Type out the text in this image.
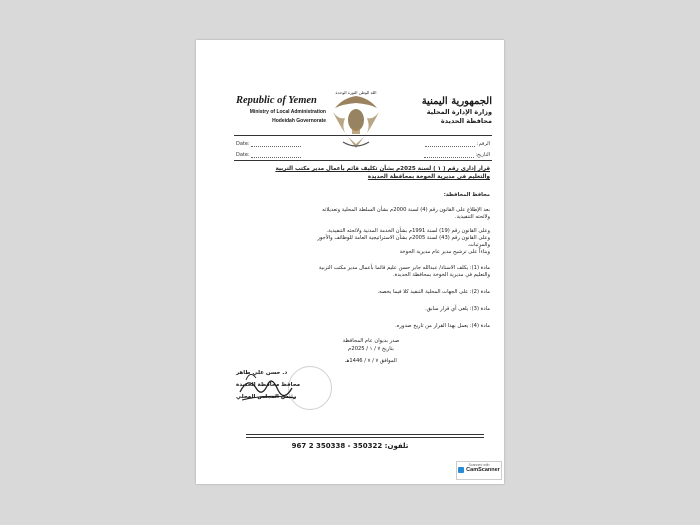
Republic of Yemen
Ministry of Local Administration
Hodeidah Governorate
الله الوطن الثورة الوحدة
الجمهورية اليمنية
وزارة الإدارة المحلية
محافظة الحديدة
Date:
Date:
الرقم:
التاريخ:
قرار إداري رقم ( ١ ) لسنة 2025م بشأن تكليف قائم بأعمال مدير مكتب التربية
والتعليم في مديرية الخوخة بمحافظة الحديدة
محافظ المحافظة:
بعد الإطلاع على القانون رقم (4) لسنة 2000م بشأن السلطة المحلية وتعديلاته
ولائحته التنفيذية.
وعلى القانون رقم (19) لسنة 1991م بشأن الخدمة المدنية ولائحته التنفيذية.
وعلى القانون رقم (43) لسنة 2005م بشأن الاستراتيجية العامة للوظائف والأجور
والمرتبات.
وبناءاً على ترشيح مدير عام مديرية الخوخة
مادة (1): يكلف الاستاذ/ عبدالله جابر حسن عليم قائما بأعمال مدير مكتب التربية
والتعليم في مديرية الخوخة بمحافظة الحديدة.
مادة (2): على الجهات المحلية التنفيذ كلا فيما يخصه.
مادة (3): يلغى أي قرار سابق.
مادة (4): يعمل بهذا القرار من تاريخ صدوره.
صدر بديوان عام المحافظة
بتاريخ ٧ / ١ / 2025م
الموافق ٧ / ٧ / 1446هـ
د. حسن علي طاهر
محافظ محافظة الحديدة
رئيس المجلس المحلي
تلفون: 350322 - 350338 2 967
Scanned with
CamScanner
